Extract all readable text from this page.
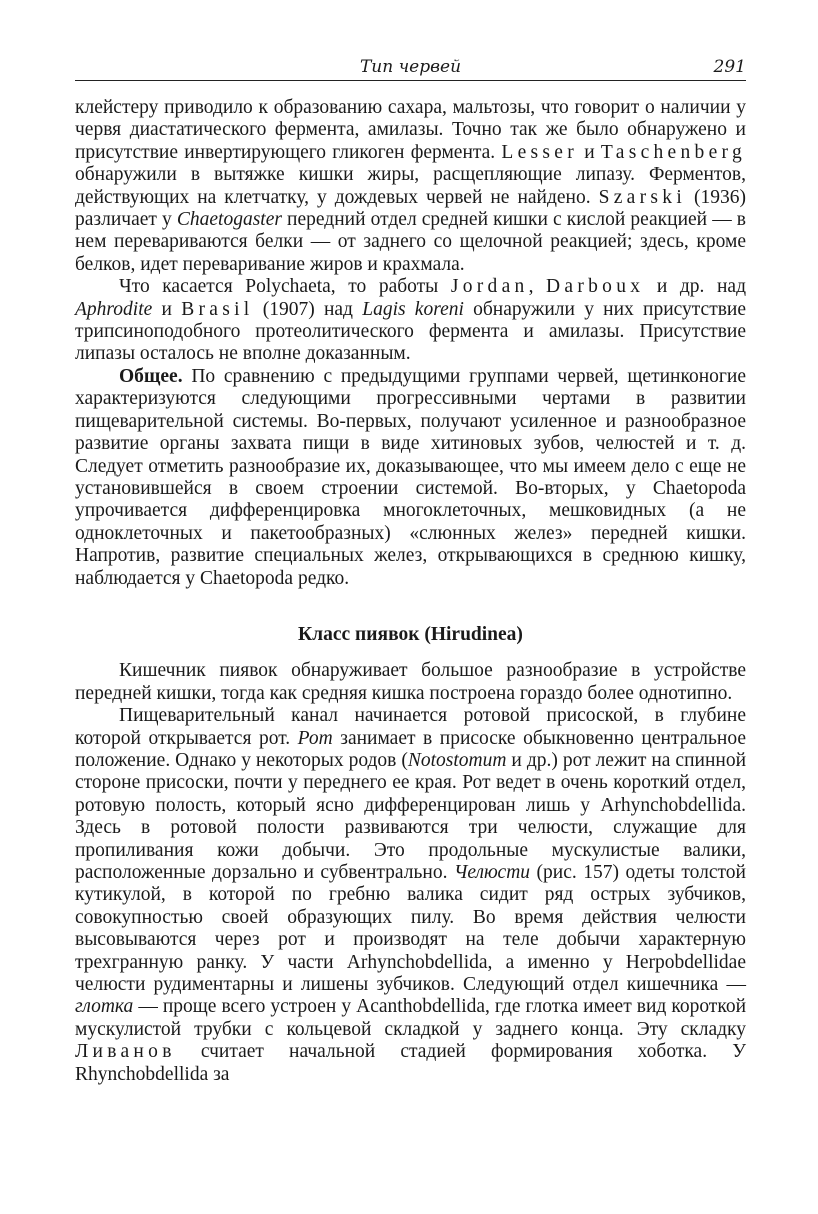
Тип червей	291

клейстеру приводило к образованию сахара, мальтозы, что говорит о наличии у червя диастатического фермента, амилазы. Точно так же было обнаружено и присутствие инвертирующего гликоген фермента. Lesser и Taschenberg обнаружили в вытяжке кишки жиры, расщепляющие липазу. Ферментов, действующих на клетчатку, у дождевых червей не найдено. Szarski (1936) различает у Chaetogaster передний отдел средней кишки с кислой реакцией — в нем перевариваются белки — от заднего со щелочной реакцией; здесь, кроме белков, идет переваривание жиров и крахмала.

Что касается Polychaeta, то работы Jordan, Darboux и др. над Aphrodite и Brasil (1907) над Lagis koreni обнаружили у них присутствие трипсиноподобного протеолитического фермента и амилазы. Присутствие липазы осталось не вполне доказанным.

Общее. По сравнению с предыдущими группами червей, щетинконогие характеризуются следующими прогрессивными чертами в развитии пищеварительной системы. Во-первых, получают усиленное и разнообразное развитие органы захвата пищи в виде хитиновых зубов, челюстей и т. д. Следует отметить разнообразие их, доказывающее, что мы имеем дело с еще не установившейся в своем строении системой. Во-вторых, у Chaetopoda упрочивается дифференцировка многоклеточных, мешковидных (а не одноклеточных и пакетообразных) «слюнных желез» передней кишки. Напротив, развитие специальных желез, открывающихся в среднюю кишку, наблюдается у Chaetopoda редко.

Класс пиявок (Hirudinea)

Кишечник пиявок обнаруживает большое разнообразие в устройстве передней кишки, тогда как средняя кишка построена гораздо более однотипно.

Пищеварительный канал начинается ротовой присоской, в глубине которой открывается рот. Рот занимает в присоске обыкновенно центральное положение. Однако у некоторых родов (Notostomum и др.) рот лежит на спинной стороне присоски, почти у переднего ее края. Рот ведет в очень короткий отдел, ротовую полость, который ясно дифференцирован лишь у Arhynchobdellida. Здесь в ротовой полости развиваются три челюсти, служащие для пропиливания кожи добычи. Это продольные мускулистые валики, расположенные дорзально и субвентрально. Челюсти (рис. 157) одеты толстой кутикулой, в которой по гребню валика сидит ряд острых зубчиков, совокупностью своей образующих пилу. Во время действия челюсти высовываются через рот и производят на теле добычи характерную трехгранную ранку. У части Arhynchobdellida, а именно у Herpobdellidae челюсти рудиментарны и лишены зубчиков. Следующий отдел кишечника — глотка — проще всего устроен у Acanthobdellida, где глотка имеет вид короткой мускулистой трубки с кольцевой складкой у заднего конца. Эту складку Ливанов считает начальной стадией формирования хоботка. У Rhynchobdellida за
